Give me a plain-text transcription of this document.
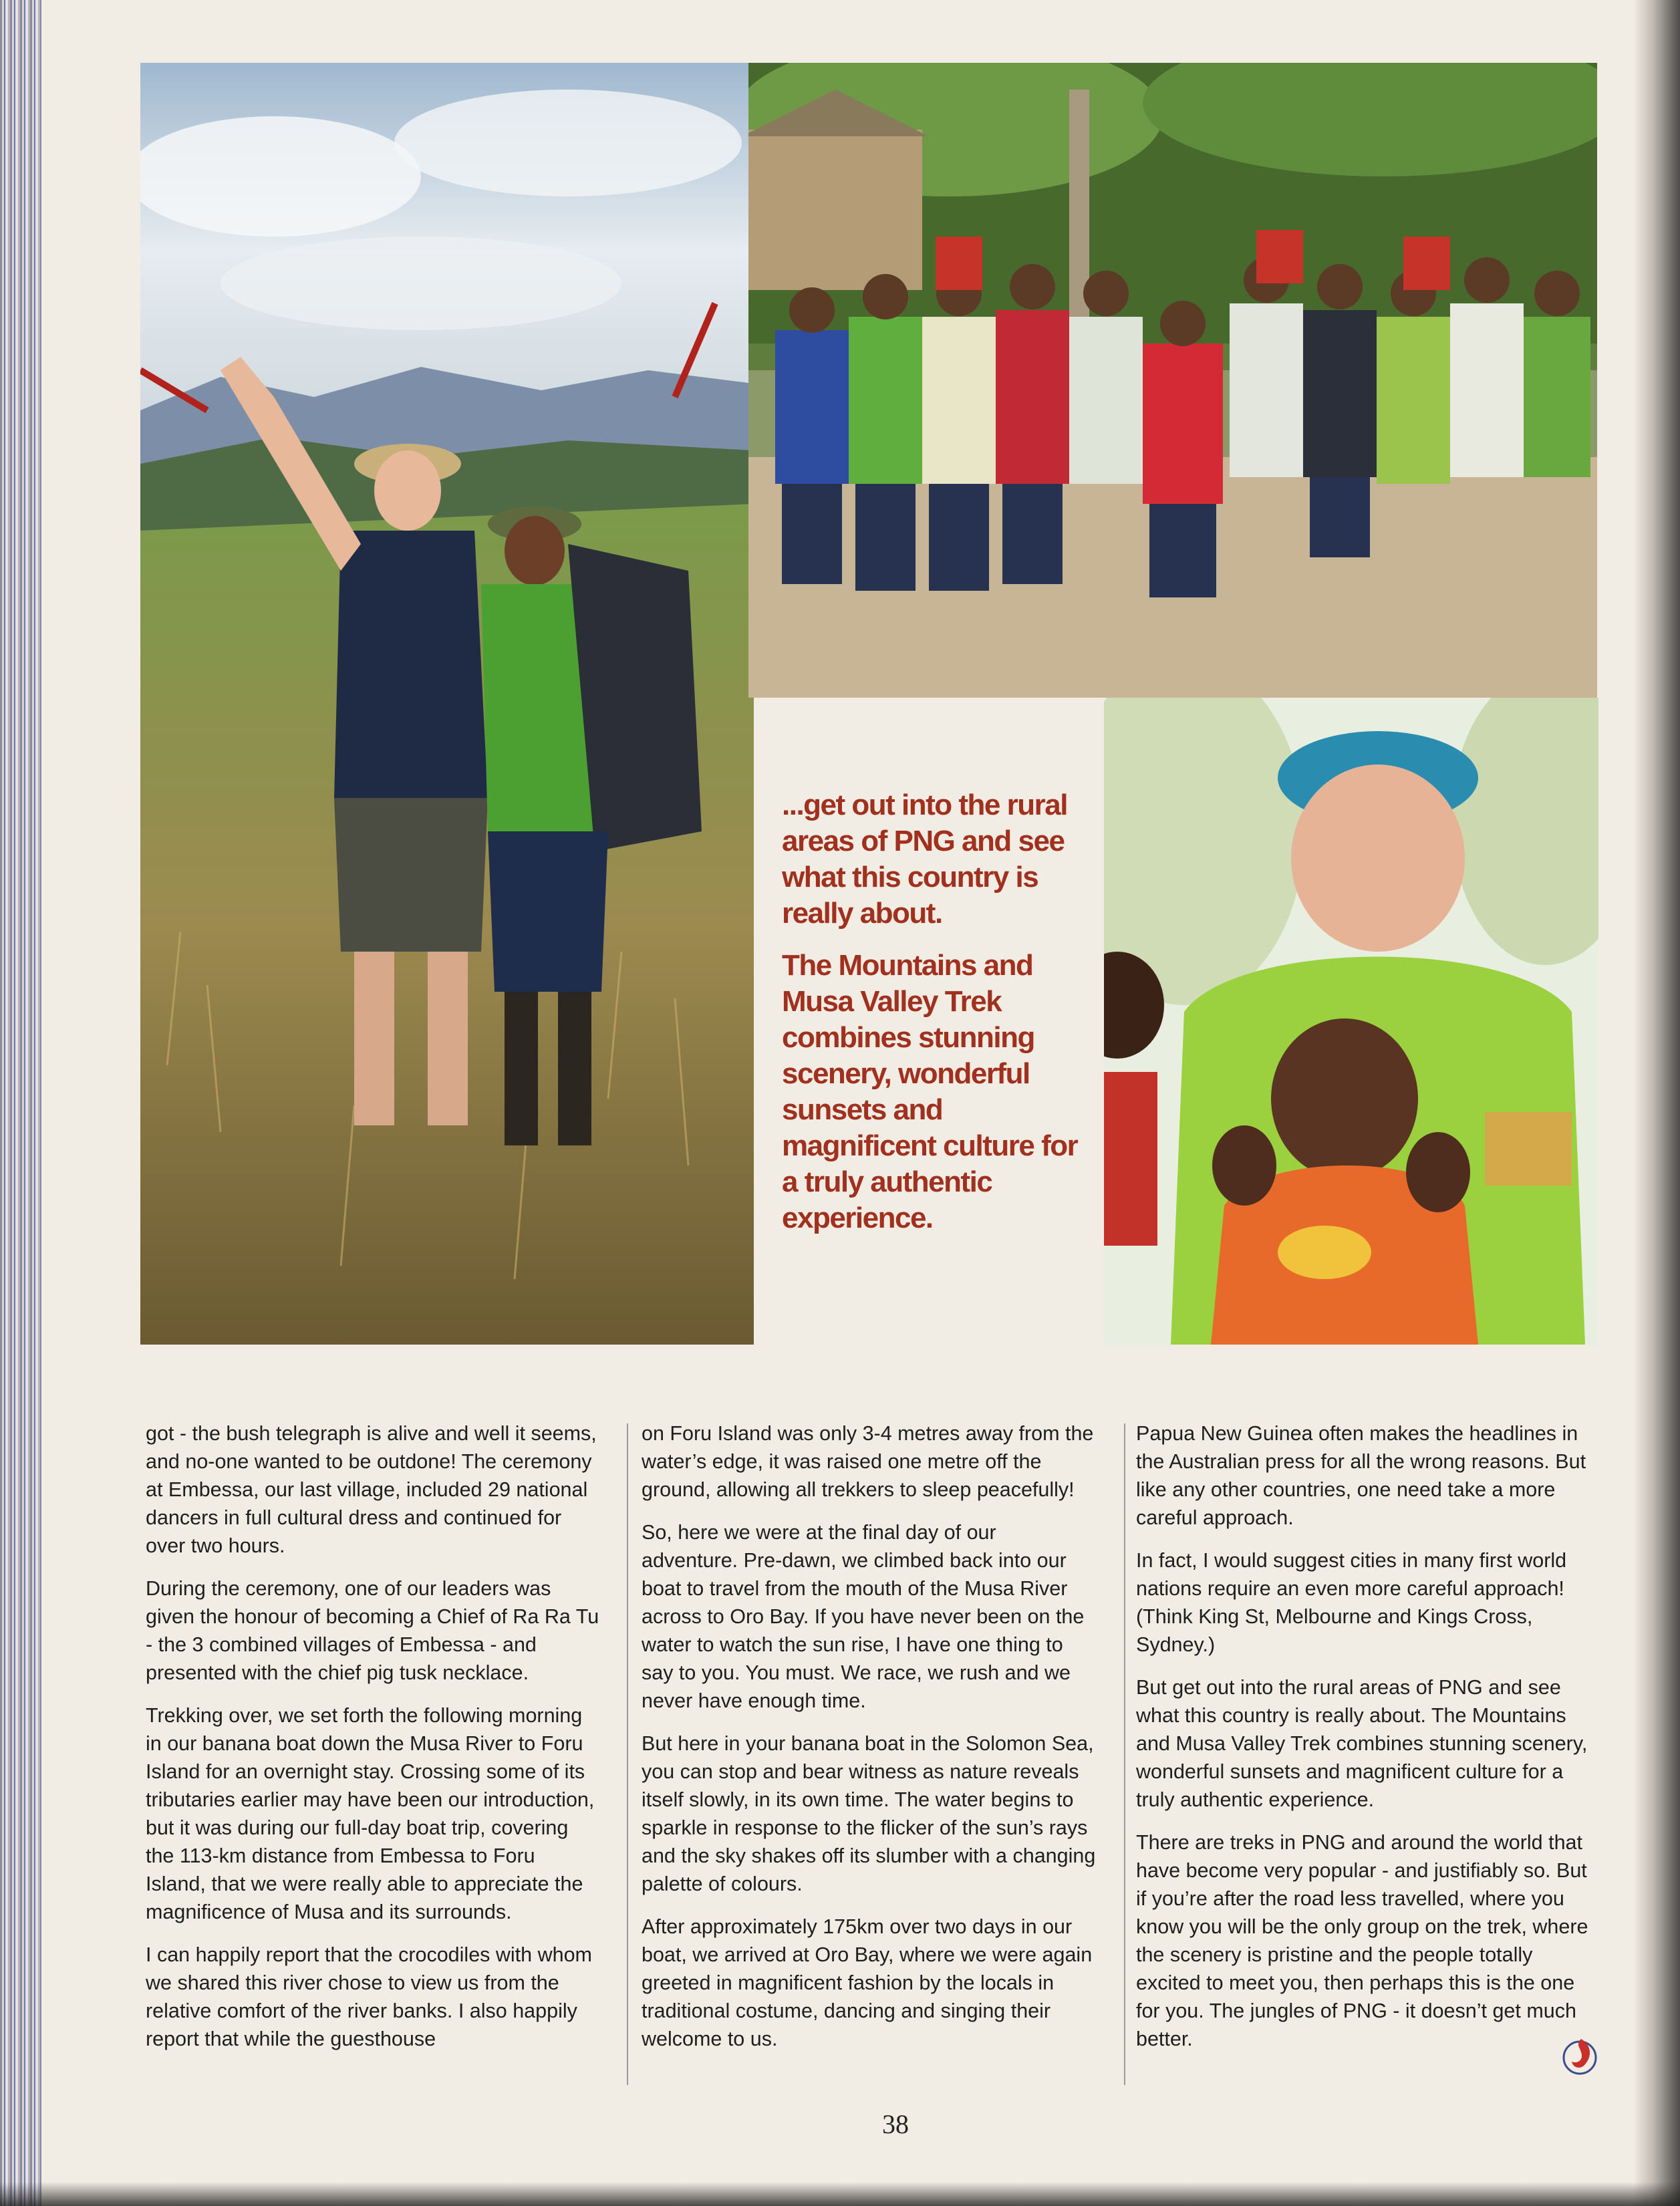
...get out into the rural areas of PNG and see what this country is really about.

The Mountains and Musa Valley Trek combines stunning scenery, wonderful sunsets and magnificent culture for a truly authentic experience.

got - the bush telegraph is alive and well it seems, and no-one wanted to be outdone! The ceremony at Embessa, our last village, included 29 national dancers in full cultural dress and continued for over two hours.

During the ceremony, one of our leaders was given the honour of becoming a Chief of Ra Ra Tu - the 3 combined villages of Embessa - and presented with the chief pig tusk necklace.

Trekking over, we set forth the following morning in our banana boat down the Musa River to Foru Island for an overnight stay. Crossing some of its tributaries earlier may have been our introduction, but it was during our full-day boat trip, covering the 113-km distance from Embessa to Foru Island, that we were really able to appreciate the magnificence of Musa and its surrounds.

I can happily report that the crocodiles with whom we shared this river chose to view us from the relative comfort of the river banks. I also happily report that while the guesthouse

on Foru Island was only 3-4 metres away from the water’s edge, it was raised one metre off the ground, allowing all trekkers to sleep peacefully!

So, here we were at the final day of our adventure. Pre-dawn, we climbed back into our boat to travel from the mouth of the Musa River across to Oro Bay. If you have never been on the water to watch the sun rise, I have one thing to say to you. You must. We race, we rush and we never have enough time.

But here in your banana boat in the Solomon Sea, you can stop and bear witness as nature reveals itself slowly, in its own time. The water begins to sparkle in response to the flicker of the sun’s rays and the sky shakes off its slumber with a changing palette of colours.

After approximately 175km over two days in our boat, we arrived at Oro Bay, where we were again greeted in magnificent fashion by the locals in traditional costume, dancing and singing their welcome to us.

Papua New Guinea often makes the headlines in the Australian press for all the wrong reasons. But like any other countries, one need take a more careful approach.

In fact, I would suggest cities in many first world nations require an even more careful approach! (Think King St, Melbourne and Kings Cross, Sydney.)

But get out into the rural areas of PNG and see what this country is really about. The Mountains and Musa Valley Trek combines stunning scenery, wonderful sunsets and magnificent culture for a truly authentic experience.

There are treks in PNG and around the world that have become very popular - and justifiably so. But if you’re after the road less travelled, where you know you will be the only group on the trek, where the scenery is pristine and the people totally excited to meet you, then perhaps this is the one for you. The jungles of PNG - it doesn’t get much better.

38
